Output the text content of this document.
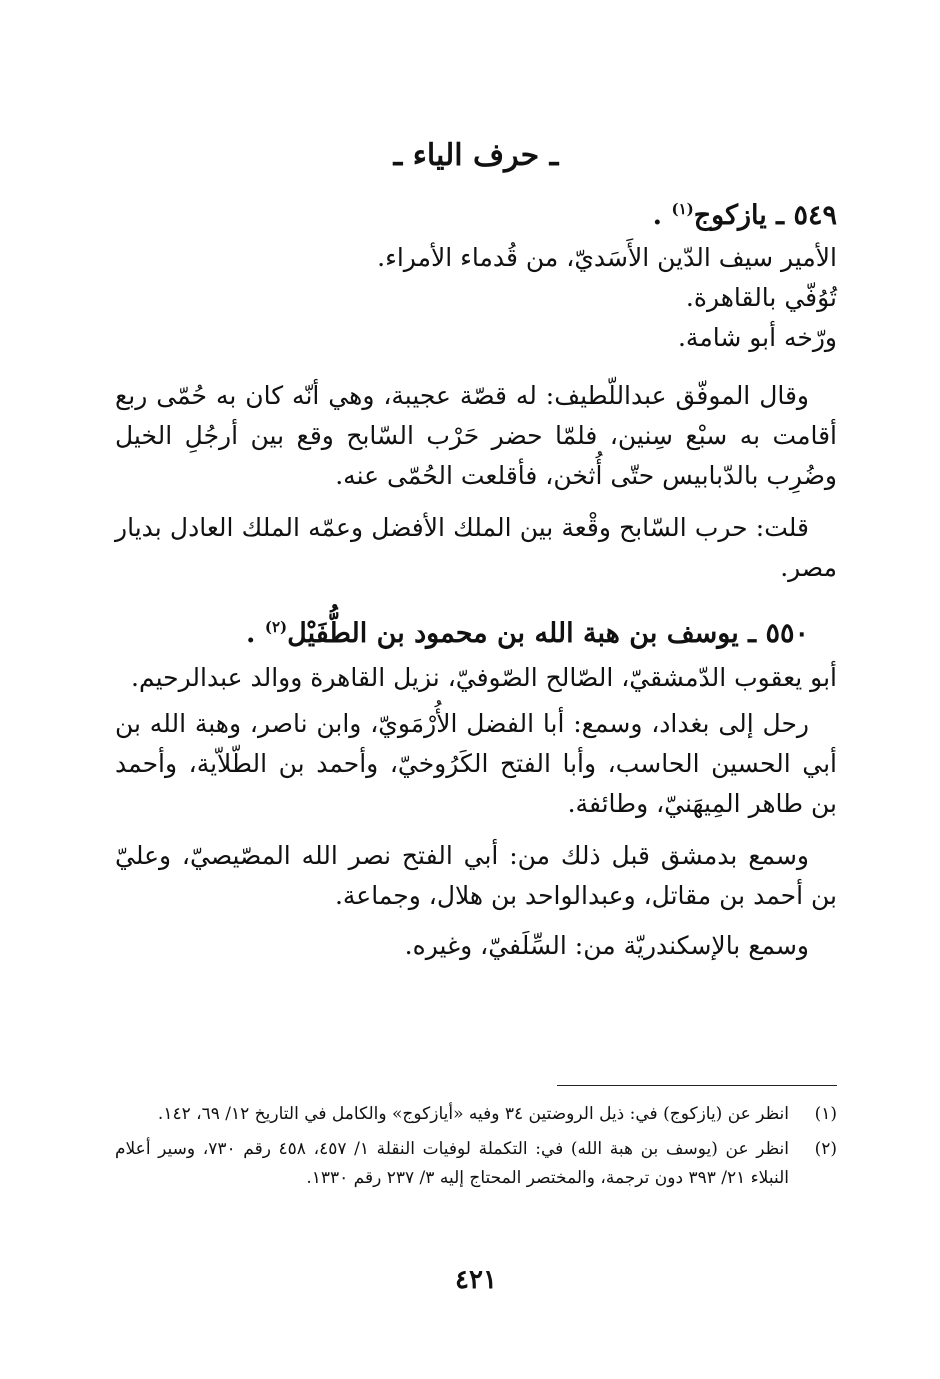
ـ حرف الياء ـ
٥٤٩ ـ يازكوج$^{(١)}$ .
الأمير سيف الدّين الأَسَديّ، من قُدماء الأمراء.
تُوُفّي بالقاهرة.
ورّخه أبو شامة.
وقال الموفّق عبداللّطيف: له قصّة عجيبة، وهي أنّه كان به حُمّى ربع أقامت به سبْع سِنين، فلمّا حضر حَرْب السّابح وقع بين أرجُلِ الخيل وضُرِب بالدّبابيس حتّى أُثخن، فأقلعت الحُمّى عنه.
قلت: حرب السّابح وقْعة بين الملك الأفضل وعمّه الملك العادل بديار مصر.
٥٥٠ ـ يوسف بن هبة الله بن محمود بن الطُّفَيْل$^{(٢)}$ .
أبو يعقوب الدّمشقيّ، الصّالح الصّوفيّ، نزيل القاهرة ووالد عبدالرحيم.
رحل إلى بغداد، وسمع: أبا الفضل الأُرْمَويّ، وابن ناصر، وهبة الله بن أبي الحسين الحاسب، وأبا الفتح الكَرُوخيّ، وأحمد بن الطّلاّية، وأحمد بن طاهر المِيهَنيّ، وطائفة.
وسمع بدمشق قبل ذلك من: أبي الفتح نصر الله المصّيصيّ، وعليّ بن أحمد بن مقاتل، وعبدالواحد بن هلال، وجماعة.
وسمع بالإسكندريّة من: السِّلَفيّ، وغيره.
(١)
انظر عن (يازكوج) في: ذيل الروضتين ٣٤ وفيه «أيازكوج» والكامل في التاريخ ١٢/ ٦٩، ١٤٢.
(٢)
انظر عن (يوسف بن هبة الله) في: التكملة لوفيات النقلة ١/ ٤٥٧، ٤٥٨ رقم ٧٣٠، وسير أعلام النبلاء ٢١/ ٣٩٣ دون ترجمة، والمختصر المحتاج إليه ٣/ ٢٣٧ رقم ١٣٣٠.
٤٢١
